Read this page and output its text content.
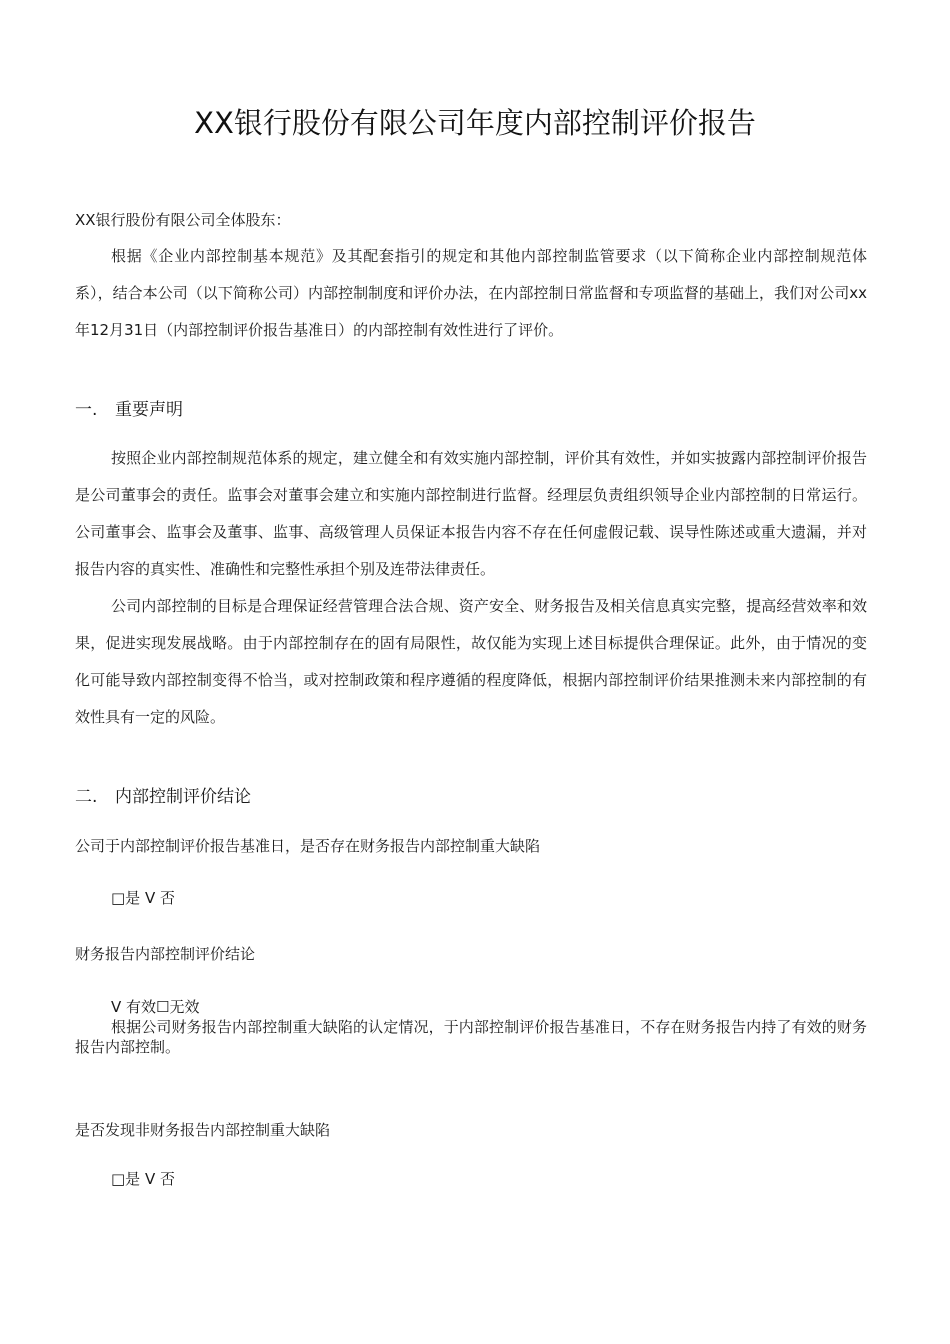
XX银行股份有限公司年度内部控制评价报告
XX银行股份有限公司全体股东：

根据《企业内部控制基本规范》及其配套指引的规定和其他内部控制监管要求（以下简称企业内部控制规范体系），结合本公司（以下简称公司）内部控制制度和评价办法，在内部控制日常监督和专项监督的基础上，我们对公司xx年12月31日（内部控制评价报告基准日）的内部控制有效性进行了评价。

一. 重要声明

按照企业内部控制规范体系的规定，建立健全和有效实施内部控制，评价其有效性，并如实披露内部控制评价报告是公司董事会的责任。监事会对董事会建立和实施内部控制进行监督。经理层负责组织领导企业内部控制的日常运行。公司董事会、监事会及董事、监事、高级管理人员保证本报告内容不存在任何虚假记载、误导性陈述或重大遗漏，并对报告内容的真实性、准确性和完整性承担个别及连带法律责任。

公司内部控制的目标是合理保证经营管理合法合规、资产安全、财务报告及相关信息真实完整，提高经营效率和效果，促进实现发展战略。由于内部控制存在的固有局限性，故仅能为实现上述目标提供合理保证。此外，由于情况的变化可能导致内部控制变得不恰当，或对控制政策和程序遵循的程度降低，根据内部控制评价结果推测未来内部控制的有效性具有一定的风险。

二. 内部控制评价结论
公司于内部控制评价报告基准日，是否存在财务报告内部控制重大缺陷
□是 V 否
财务报告内部控制评价结论
V 有效☐无效

根据公司财务报告内部控制重大缺陷的认定情况，于内部控制评价报告基准日，不存在财务报告内持了有效的财务报告内部控制。

是否发现非财务报告内部控制重大缺陷
□是 V 否
